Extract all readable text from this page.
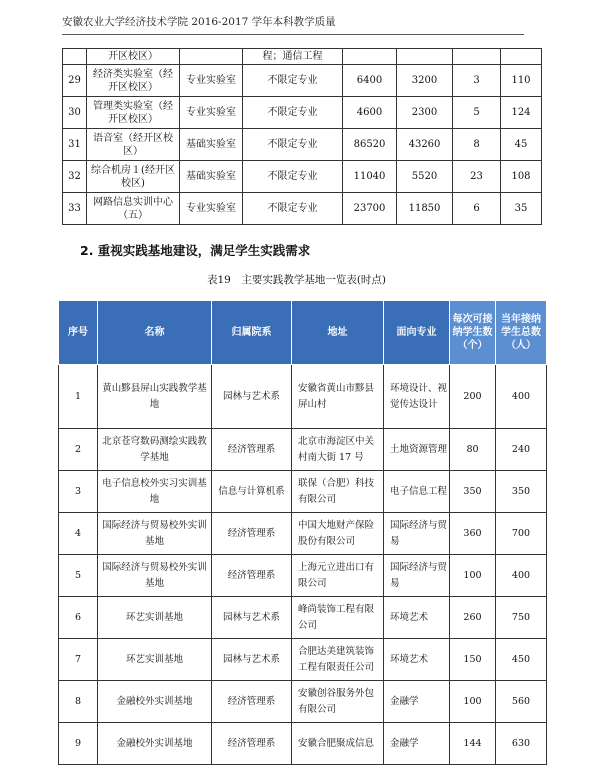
安徽农业大学经济技术学院 2016-2017 学年本科教学质量
	开区校区）		程；通信工程				
29	经济类实验室（经开区校区）	专业实验室	不限定专业	6400	3200	3	110
30	管理类实验室（经开区校区）	专业实验室	不限定专业	4600	2300	5	124
31	语音室（经开区校区）	基础实验室	不限定专业	86520	43260	8	45
32	综合机房１(经开区校区)	基础实验室	不限定专业	11040	5520	23	108
33	网路信息实训中心（五）	专业实验室	不限定专业	23700	11850	6	35
2. 重视实践基地建设，满足学生实践需求
表19　主要实践教学基地一览表(时点)
序号	名称	归属院系	地址	面向专业	每次可接纳学生数（个）	当年接纳学生总数（人）
1	黄山黟县屏山实践教学基地	园林与艺术系	安徽省黄山市黟县屏山村	环境设计、视觉传达设计	200	400
2	北京苍穹数码测绘实践教学基地	经济管理系	北京市海淀区中关村南大街 17 号	土地资源管理	80	240
3	电子信息校外实习实训基地	信息与计算机系	联保（合肥）科技有限公司	电子信息工程	350	350
4	国际经济与贸易校外实训基地	经济管理系	中国大地财产保险股份有限公司	国际经济与贸易	360	700
5	国际经济与贸易校外实训基地	经济管理系	上海元立进出口有限公司	国际经济与贸易	100	400
6	环艺实训基地	园林与艺术系	峰尚装饰工程有限公司	环境艺术	260	750
7	环艺实训基地	园林与艺术系	合肥达美建筑装饰工程有限责任公司	环境艺术	150	450
8	金融校外实训基地	经济管理系	安徽创谷服务外包有限公司	金融学	100	560
9	金融校外实训基地	经济管理系	安徽合肥聚成信息	金融学	144	630
